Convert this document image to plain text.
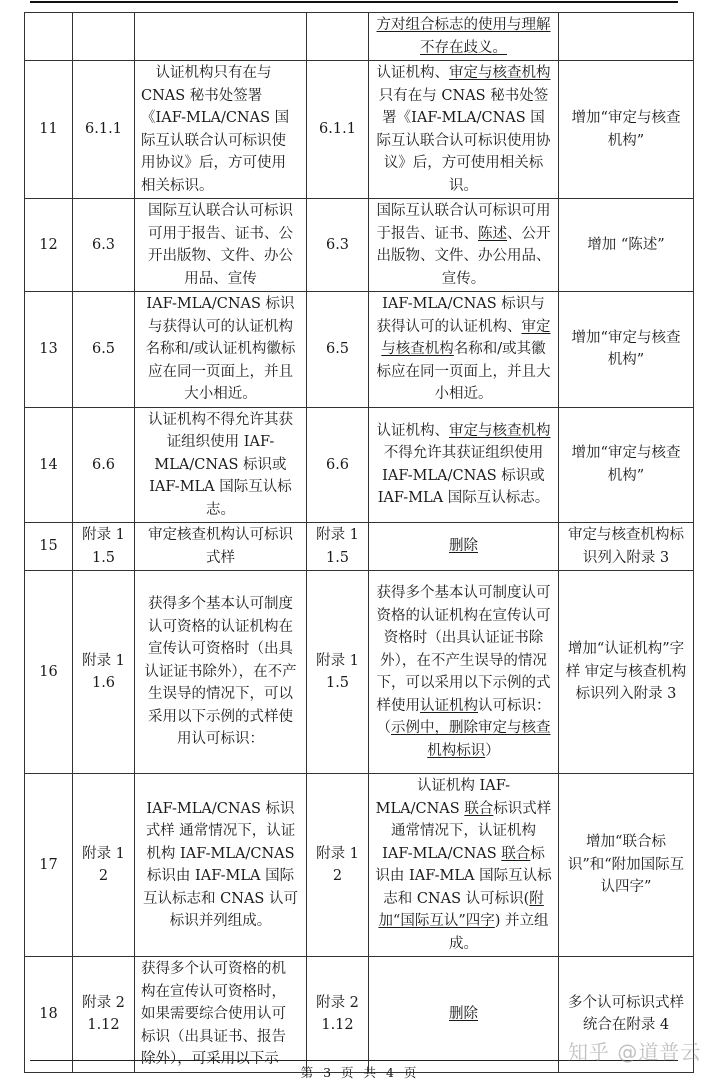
				方对组合标志的使用与理解不存在歧义。	
11	6.1.1	认证机构只有在与 CNAS 秘书处签署《IAF-MLA/CNAS 国际互认联合认可标识使用协议》后，方可使用相关标识。	6.1.1	认证机构、审定与核查机构只有在与 CNAS 秘书处签署《IAF-MLA/CNAS 国际互认联合认可标识使用协议》后，方可使用相关标识。	增加“审定与核查机构”
12	6.3	国际互认联合认可标识可用于报告、证书、公开出版物、文件、办公用品、宣传	6.3	国际互认联合认可标识可用于报告、证书、陈述、公开出版物、文件、办公用品、宣传。	增加 “陈述”
13	6.5	IAF-MLA/CNAS 标识与获得认可的认证机构名称和/或认证机构徽标应在同一页面上，并且大小相近。	6.5	IAF-MLA/CNAS 标识与获得认可的认证机构、审定与核查机构名称和/或其徽标应在同一页面上，并且大小相近。	增加“审定与核查机构”
14	6.6	认证机构不得允许其获证组织使用 IAF-MLA/CNAS 标识或 IAF-MLA 国际互认标志。	6.6	认证机构、审定与核查机构不得允许其获证组织使用 IAF-MLA/CNAS 标识或 IAF-MLA 国际互认标志。	增加“审定与核查机构”
15	附录 1 1.5	审定核查机构认可标识式样	附录 1 1.5	删除	审定与核查机构标识列入附录 3
16	附录 1 1.6	获得多个基本认可制度认可资格的认证机构在宣传认可资格时（出具认证证书除外），在不产生误导的情况下，可以采用以下示例的式样使用认可标识：	附录 1 1.5	获得多个基本认可制度认可资格的认证机构在宣传认可资格时（出具认证证书除外），在不产生误导的情况下，可以采用以下示例的式样使用认证机构认可标识：（示例中，删除审定与核查机构标识）	增加“认证机构”字样 审定与核查机构标识列入附录 3
17	附录 1 2	IAF-MLA/CNAS 标识式样 通常情况下，认证机构 IAF-MLA/CNAS 标识由 IAF-MLA 国际互认标志和 CNAS 认可标识并列组成。	附录 1 2	认证机构 IAF-MLA/CNAS 联合标识式样 通常情况下，认证机构 IAF-MLA/CNAS 联合标识由 IAF-MLA 国际互认标志和 CNAS 认可标识(附加“国际互认”四字) 并立组成。	增加“联合标识”和“附加国际互认四字”
18	附录 2 1.12	获得多个认可资格的机构在宣传认可资格时，如果需要综合使用认可标识（出具证书、报告除外），可采用以下示	附录 2 1.12	删除	多个认可标识式样统合在附录 4
第 3 页 共 4 页
知乎 @道普云
